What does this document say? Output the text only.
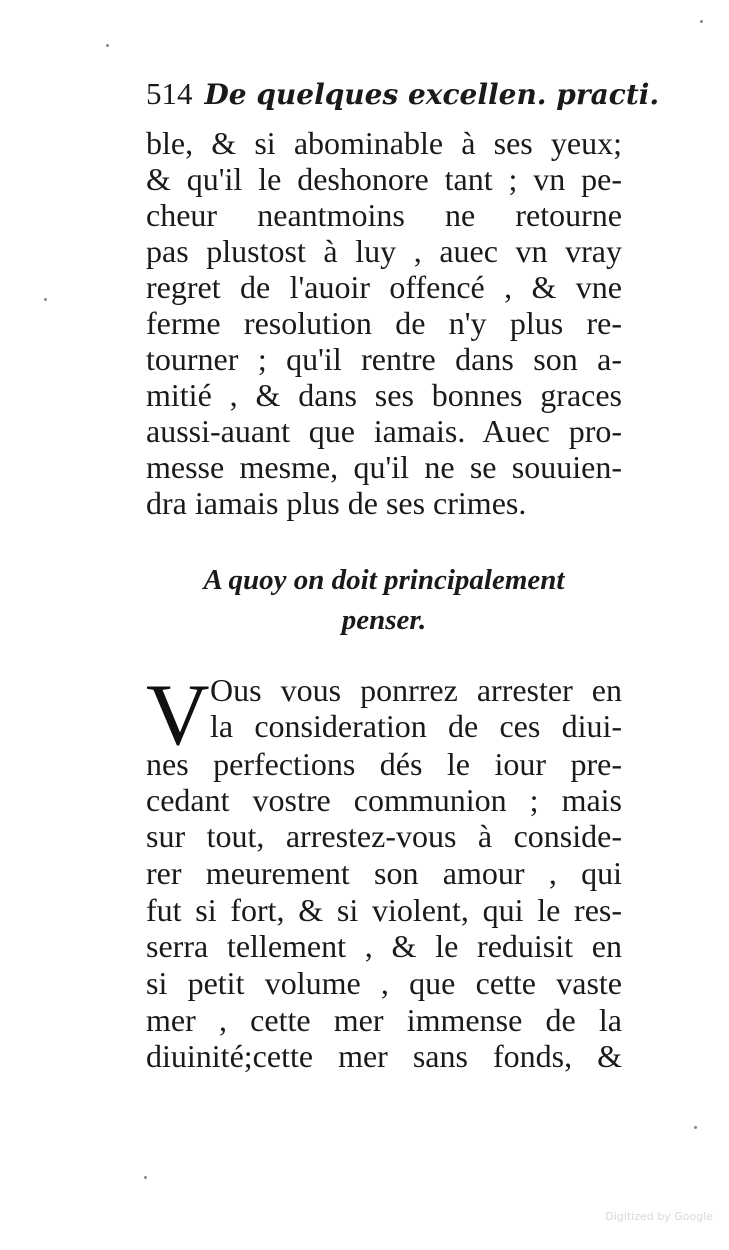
514 De quelques excellen. practi.
ble, & si abominable à ses yeux;
& qu'il le deshonore tant ; vn pe-
cheur neantmoins ne retourne
pas plustost à luy , auec vn vray
regret de l'auoir offencé , & vne
ferme resolution de n'y plus re-
tourner ; qu'il rentre dans son a-
mitié , & dans ses bonnes graces
aussi-auant que iamais. Auec pro-
messe mesme, qu'il ne se souuien-
dra iamais plus de ses crimes.
A quoy on doit principalement
penser.
V Ous vous ponrrez arrester en
la consideration de ces diui-
nes perfections dés le iour pre-
cedant vostre communion ; mais
sur tout, arrestez-vous à conside-
rer meurement son amour , qui
fut si fort, & si violent, qui le res-
serra tellement , & le reduisit en
si petit volume , que cette vaste
mer , cette mer immense de la
diuinité;cette mer sans fonds, &
Digitized by Google
